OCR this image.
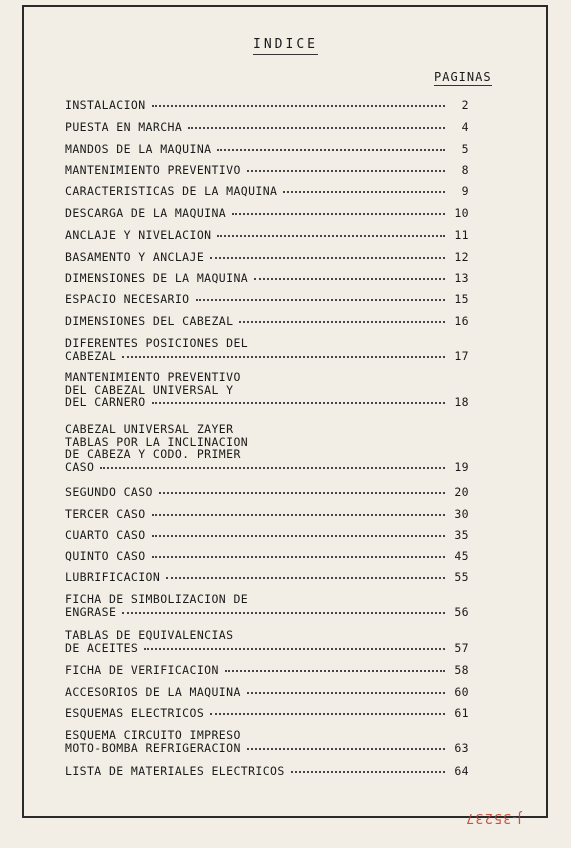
INDICE
PAGINAS
INSTALACION	2
PUESTA EN MARCHA	4
MANDOS DE LA MAQUINA	5
MANTENIMIENTO PREVENTIVO	8
CARACTERISTICAS DE LA MAQUINA	9
DESCARGA DE LA MAQUINA	10
ANCLAJE Y NIVELACION	11
BASAMENTO Y ANCLAJE	12
DIMENSIONES DE LA MAQUINA	13
ESPACIO NECESARIO	15
DIMENSIONES DEL CABEZAL	16
DIFERENTES POSICIONES DEL
CABEZAL	17
MANTENIMIENTO PREVENTIVO
DEL CABEZAL UNIVERSAL Y
DEL CARNERO	18
CABEZAL UNIVERSAL ZAYER
TABLAS POR LA INCLINACION
DE CABEZA Y CODO. PRIMER
CASO	19
SEGUNDO CASO	20
TERCER CASO	30
CUARTO CASO	35
QUINTO CASO	45
LUBRIFICACION	55
FICHA DE SIMBOLIZACION DE
ENGRASE	56
TABLAS DE EQUIVALENCIAS
DE ACEITES	57
FICHA DE VERIFICACION	58
ACCESORIOS DE LA MAQUINA	60
ESQUEMAS ELECTRICOS	61
ESQUEMA CIRCUITO IMPRESO
MOTO-BOMBA REFRIGERACION	63
LISTA DE MATERIALES ELECTRICOS	64
J-35237
